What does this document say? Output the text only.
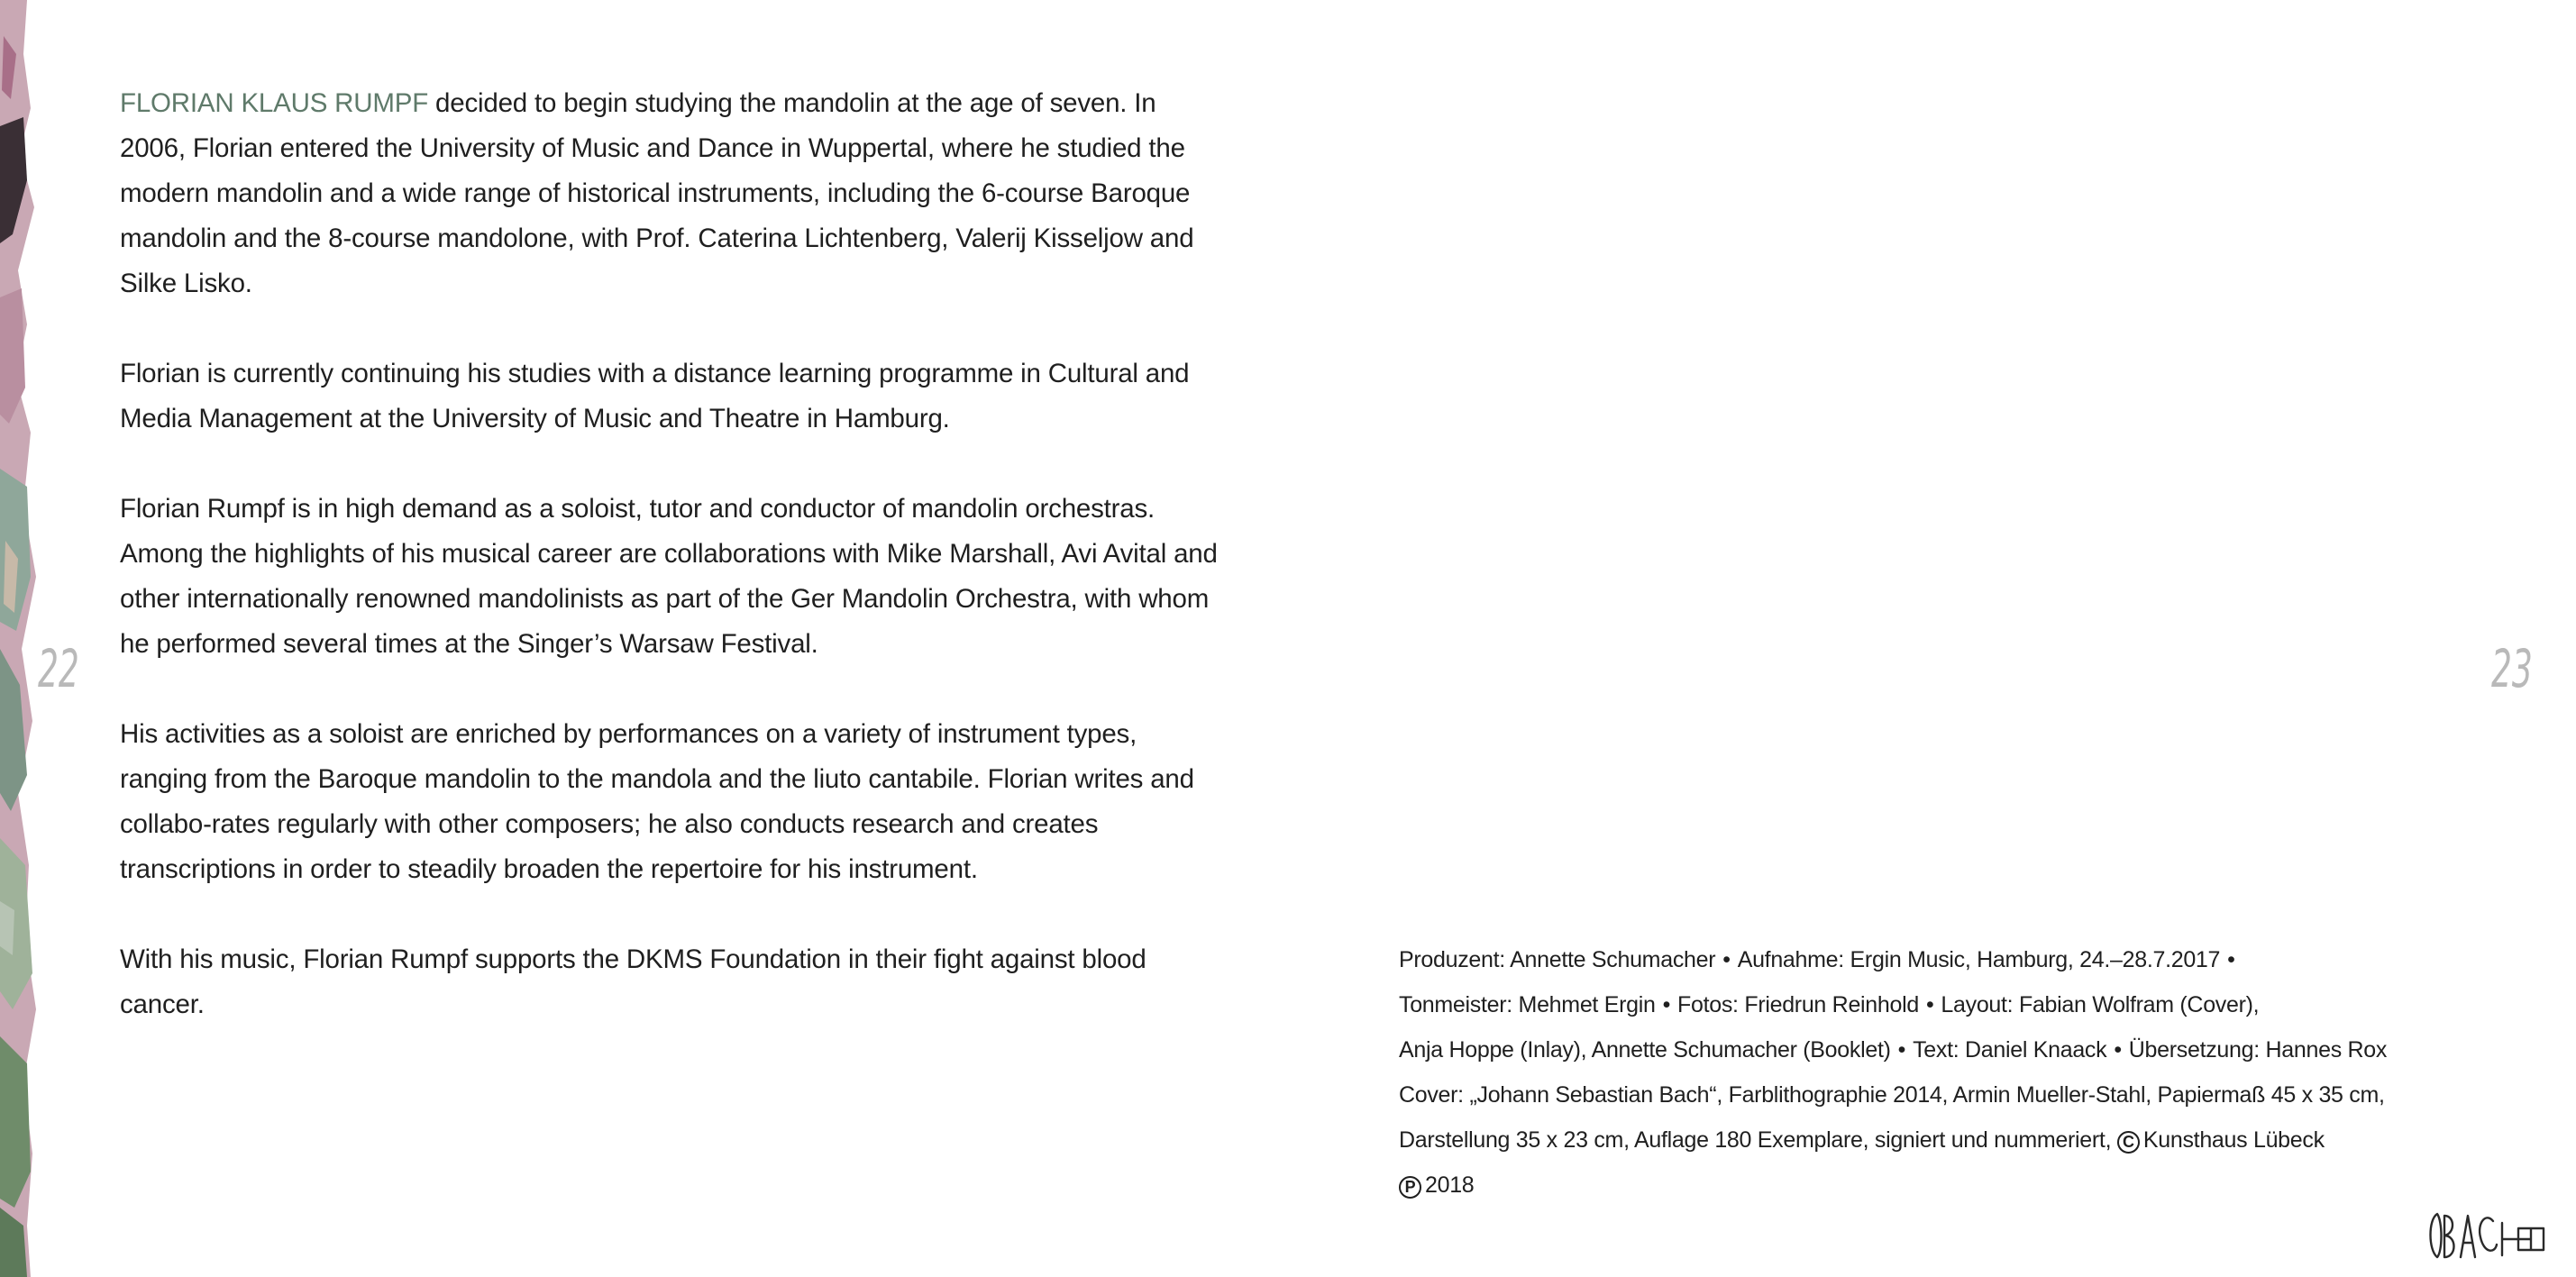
22	23

FLORIAN KLAUS RUMPF decided to begin studying the mandolin at the age of seven. In 2006, Florian entered the University of Music and Dance in Wuppertal, where he studied the modern mandolin and a wide range of historical instruments, including the 6-course Baroque mandolin and the 8-course mandolone, with Prof. Caterina Lichtenberg, Valerij Kisseljow and Silke Lisko.

Florian is currently continuing his studies with a distance learning programme in Cultural and Media Management at the University of Music and Theatre in Hamburg.

Florian Rumpf is in high demand as a soloist, tutor and conductor of mandolin orchestras. Among the highlights of his musical career are collaborations with Mike Marshall, Avi Avital and other internationally renowned mandolinists as part of the Ger Mandolin Orchestra, with whom he performed several times at the Singer’s Warsaw Festival.

His activities as a soloist are enriched by performances on a variety of instrument types, ranging from the Baroque mandolin to the mandola and the liuto cantabile. Florian writes and collabo-rates regularly with other composers; he also conducts research and creates transcriptions in order to steadily broaden the repertoire for his instrument.

With his music, Florian Rumpf supports the DKMS Foundation in their fight against blood cancer.

Produzent: Annette Schumacher • Aufnahme: Ergin Music, Hamburg, 24.–28.7.2017 •
Tonmeister: Mehmet Ergin • Fotos: Friedrun Reinhold • Layout: Fabian Wolfram (Cover),
Anja Hoppe (Inlay), Annette Schumacher (Booklet) • Text: Daniel Knaack • Übersetzung: Hannes Rox
Cover: „Johann Sebastian Bach“, Farblithographie 2014, Armin Mueller-Stahl, Papiermaß 45 x 35 cm,
Darstellung 35 x 23 cm, Auflage 180 Exemplare, signiert und nummeriert, C Kunsthaus Lübeck
P 2018
